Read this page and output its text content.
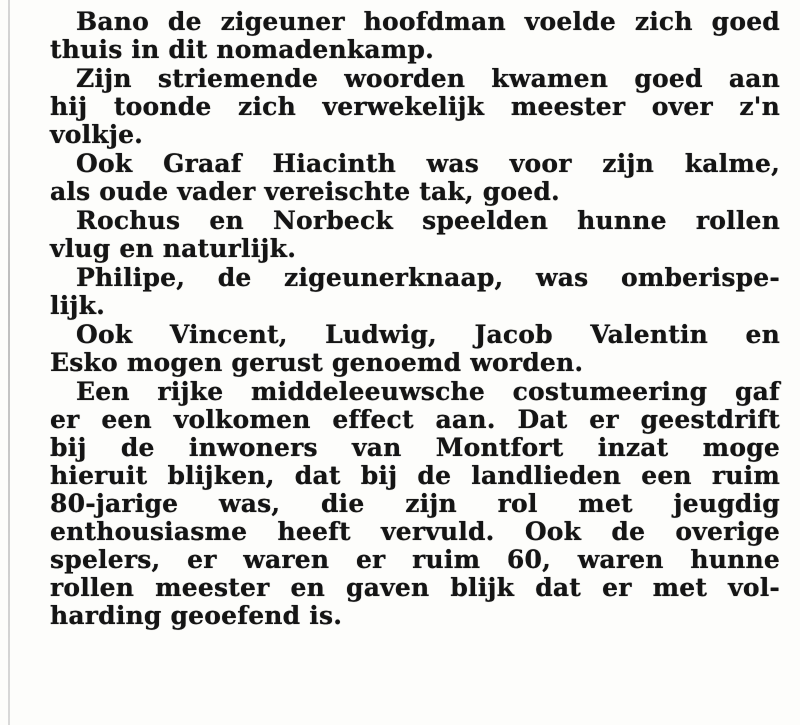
Bano de zigeuner hoofdman voelde zich goed
thuis in dit nomadenkamp.
Zijn striemende woorden kwamen goed aan
hij toonde zich verwekelijk meester over z'n
volkje.
Ook Graaf Hiacinth was voor zijn kalme,
als oude vader vereischte tak, goed.
Rochus en Norbeck speelden hunne rollen
vlug en naturlijk.
Philipe, de zigeunerknaap, was omberispe-
lijk.
Ook Vincent, Ludwig, Jacob Valentin en
Esko mogen gerust genoemd worden.
Een rijke middeleeuwsche costumeering gaf
er een volkomen effect aan. Dat er geestdrift
bij de inwoners van Montfort inzat moge
hieruit blijken, dat bij de landlieden een ruim
80-jarige was, die zijn rol met jeugdig
enthousiasme heeft vervuld. Ook de overige
spelers, er waren er ruim 60, waren hunne
rollen meester en gaven blijk dat er met vol-
harding geoefend is.
